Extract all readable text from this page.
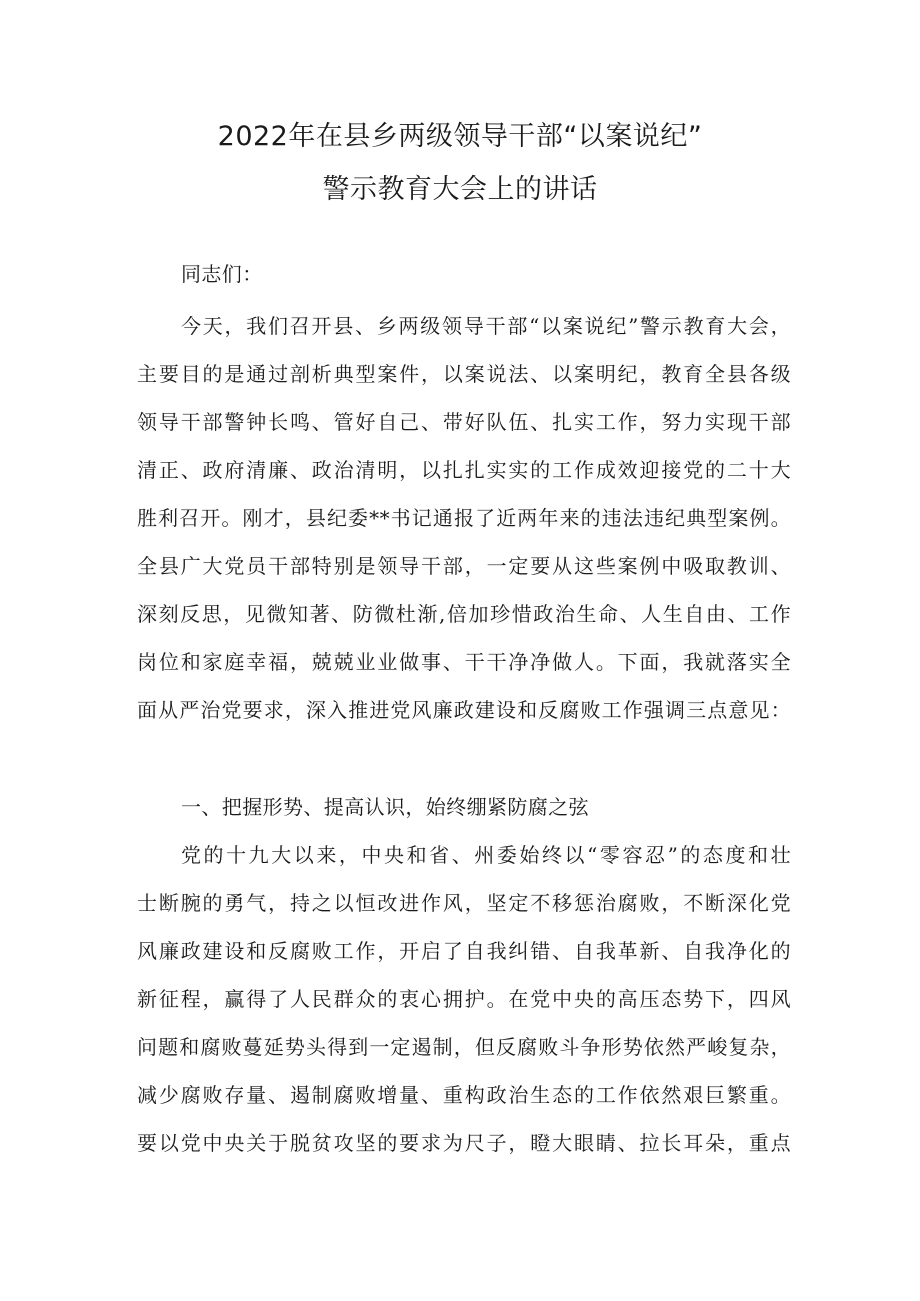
2022年在县乡两级领导干部“以案说纪”
警示教育大会上的讲话
同志们：
今天，我们召开县、乡两级领导干部“以案说纪”警示教育大会，
主要目的是通过剖析典型案件，以案说法、以案明纪，教育全县各级
领导干部警钟长鸣、管好自己、带好队伍、扎实工作，努力实现干部
清正、政府清廉、政治清明，以扎扎实实的工作成效迎接党的二十大
胜利召开。刚才，县纪委**书记通报了近两年来的违法违纪典型案例。
全县广大党员干部特别是领导干部，一定要从这些案例中吸取教训、
深刻反思，见微知著、防微杜渐,倍加珍惜政治生命、人生自由、工作
岗位和家庭幸福，兢兢业业做事、干干净净做人。下面，我就落实全
面从严治党要求，深入推进党风廉政建设和反腐败工作强调三点意见：
一、把握形势、提高认识，始终绷紧防腐之弦
党的十九大以来，中央和省、州委始终以“零容忍”的态度和壮
士断腕的勇气，持之以恒改进作风，坚定不移惩治腐败，不断深化党
风廉政建设和反腐败工作，开启了自我纠错、自我革新、自我净化的
新征程，赢得了人民群众的衷心拥护。在党中央的高压态势下，四风
问题和腐败蔓延势头得到一定遏制，但反腐败斗争形势依然严峻复杂，
减少腐败存量、遏制腐败增量、重构政治生态的工作依然艰巨繁重。
要以党中央关于脱贫攻坚的要求为尺子，瞪大眼睛、拉长耳朵，重点
